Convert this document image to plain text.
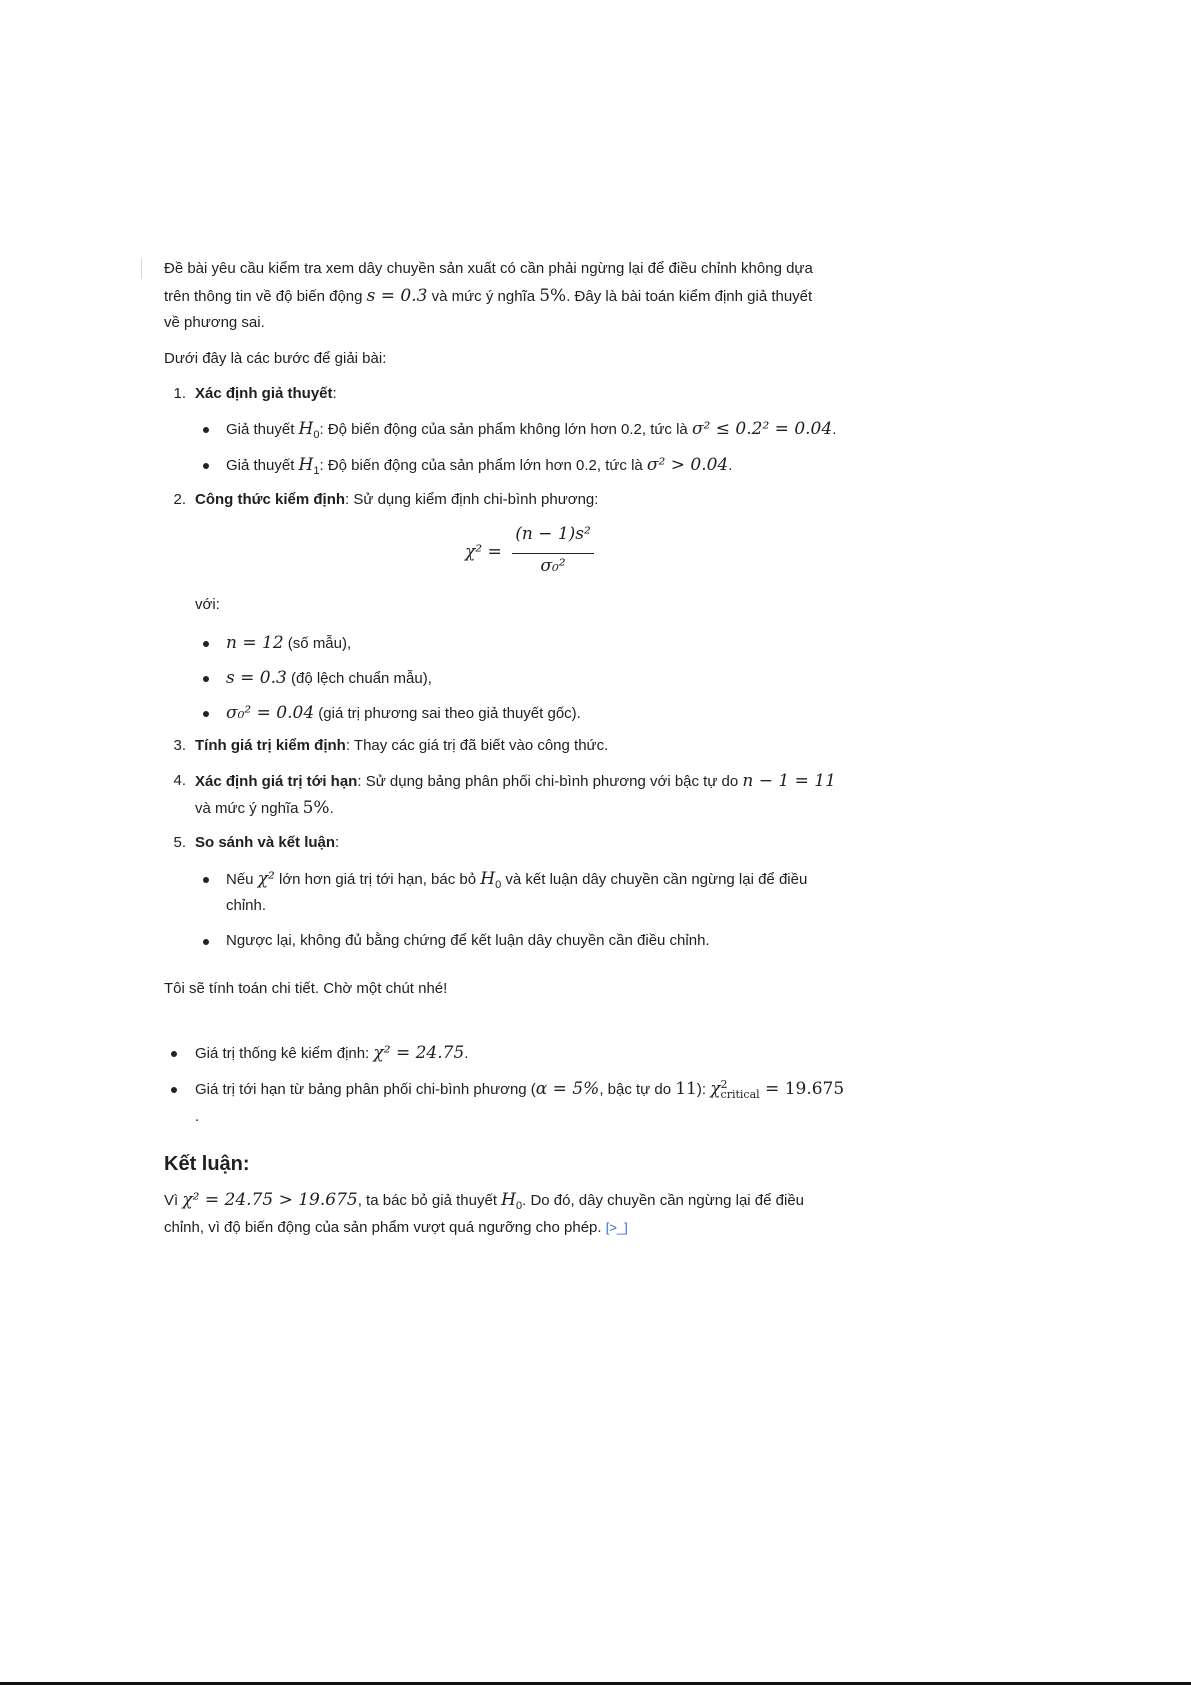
Đề bài yêu cầu kiểm tra xem dây chuyền sản xuất có cần phải ngừng lại để điều chỉnh không dựa
trên thông tin về độ biến động s = 0.3 và mức ý nghĩa 5%. Đây là bài toán kiểm định giả thuyết
về phương sai.
Dưới đây là các bước để giải bài:
1. Xác định giả thuyết:
Giả thuyết $H_0$: Độ biến động của sản phẩm không lớn hơn 0.2, tức là σ² ≤ 0.2² = 0.04.
Giả thuyết $H_1$: Độ biến động của sản phẩm lớn hơn 0.2, tức là σ² > 0.04.
2. Công thức kiểm định: Sử dụng kiểm định chi-bình phương:
χ² =
(n − 1)s²
σ₀²
với:
n = 12 (số mẫu),
s = 0.3 (độ lệch chuẩn mẫu),
σ₀² = 0.04 (giá trị phương sai theo giả thuyết gốc).
3. Tính giá trị kiểm định: Thay các giá trị đã biết vào công thức.
4. Xác định giá trị tới hạn: Sử dụng bảng phân phối chi-bình phương với bậc tự do n − 1 = 11
và mức ý nghĩa 5%.
5. So sánh và kết luận:
Nếu χ² lớn hơn giá trị tới hạn, bác bỏ $H_0$ và kết luận dây chuyền cần ngừng lại để điều
chỉnh.
Ngược lại, không đủ bằng chứng để kết luận dây chuyền cần điều chỉnh.
Tôi sẽ tính toán chi tiết. Chờ một chút nhé!
Giá trị thống kê kiểm định: χ² = 24.75.
Giá trị tới hạn từ bảng phân phối chi-bình phương (α = 5%, bậc tự do 11): χ 2
critical = 19.675
.
Kết luận:
Vì χ² = 24.75 > 19.675, ta bác bỏ giả thuyết $H_0$. Do đó, dây chuyền cần ngừng lại để điều
chỉnh, vì độ biến động của sản phẩm vượt quá ngưỡng cho phép. [>_]
